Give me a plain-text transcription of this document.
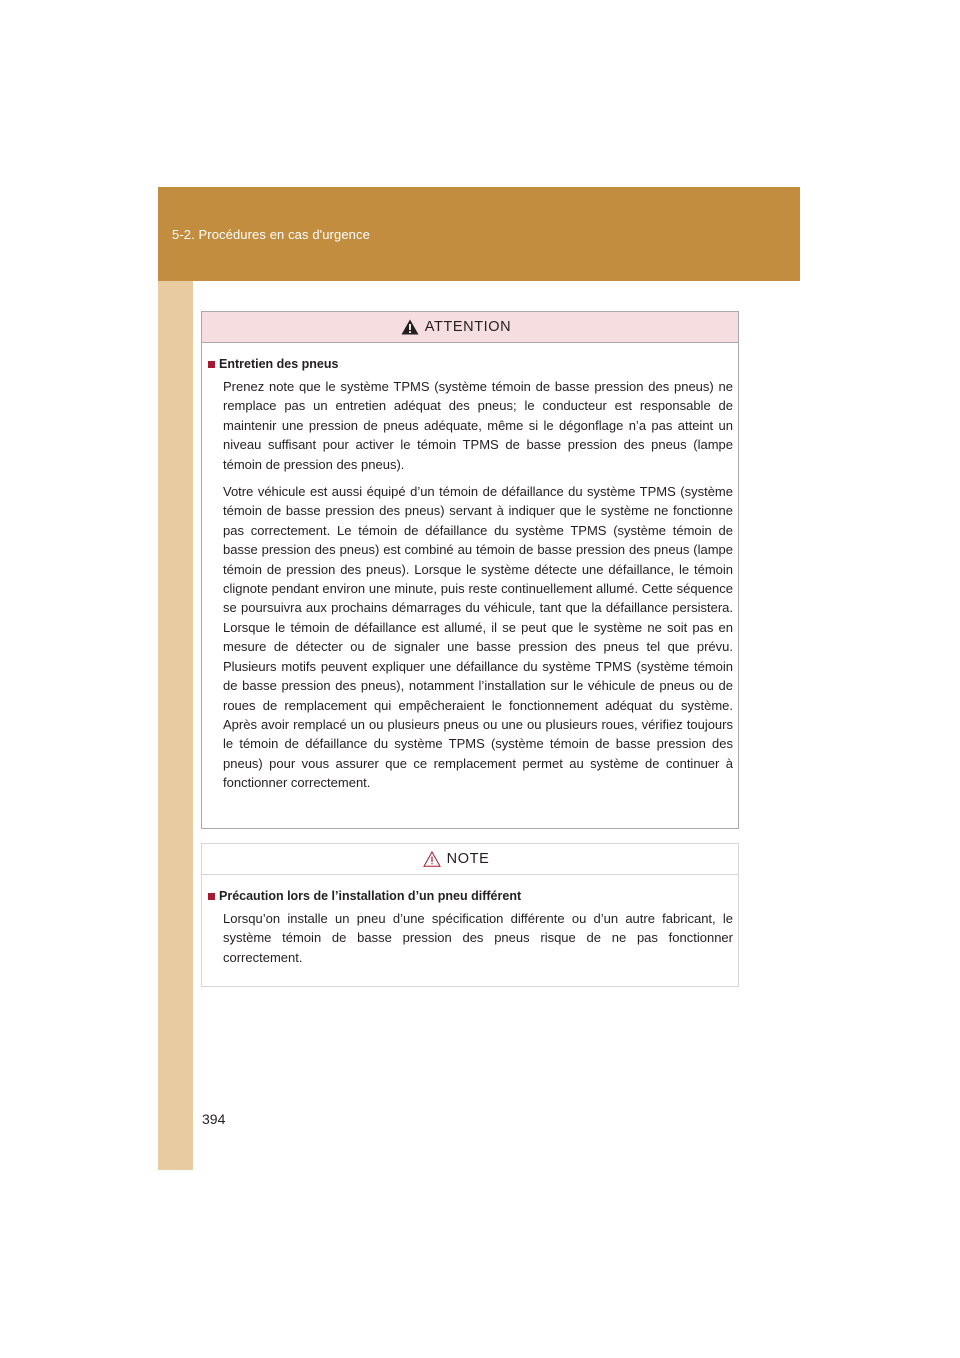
5-2. Procédures en cas d'urgence
ATTENTION
Entretien des pneus

Prenez note que le système TPMS (système témoin de basse pression des pneus) ne remplace pas un entretien adéquat des pneus; le conducteur est responsable de maintenir une pression de pneus adéquate, même si le dégonflage n’a pas atteint un niveau suffisant pour activer le témoin TPMS de basse pression des pneus (lampe témoin de pression des pneus).

Votre véhicule est aussi équipé d’un témoin de défaillance du système TPMS (système témoin de basse pression des pneus) servant à indiquer que le système ne fonctionne pas correctement. Le témoin de défaillance du système TPMS (système témoin de basse pression des pneus) est combiné au témoin de basse pression des pneus (lampe témoin de pression des pneus). Lorsque le système détecte une défaillance, le témoin clignote pendant environ une minute, puis reste continuellement allumé. Cette séquence se poursuivra aux prochains démarrages du véhicule, tant que la défaillance persistera. Lorsque le témoin de défaillance est allumé, il se peut que le système ne soit pas en mesure de détecter ou de signaler une basse pression des pneus tel que prévu. Plusieurs motifs peuvent expliquer une défaillance du système TPMS (système témoin de basse pression des pneus), notamment l’installation sur le véhicule de pneus ou de roues de remplacement qui empêcheraient le fonctionnement adéquat du système. Après avoir remplacé un ou plusieurs pneus ou une ou plusieurs roues, vérifiez toujours le témoin de défaillance du système TPMS (système témoin de basse pression des pneus) pour vous assurer que ce remplacement permet au système de continuer à fonctionner correctement.

NOTE
Précaution lors de l’installation d’un pneu différent

Lorsqu’on installe un pneu d’une spécification différente ou d’un autre fabricant, le système témoin de basse pression des pneus risque de ne pas fonctionner correctement.

394
